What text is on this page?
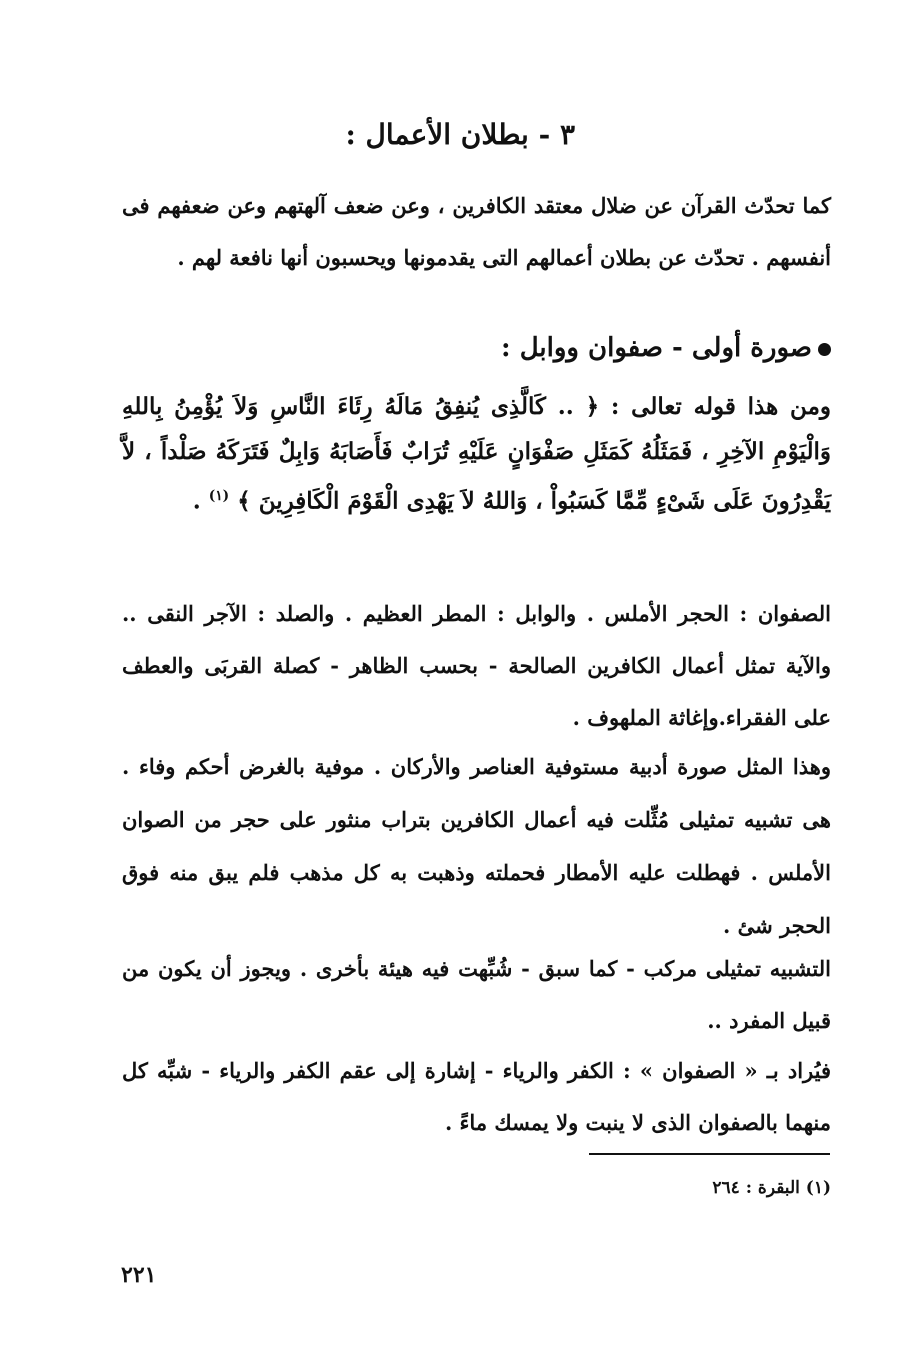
٣ - بطلان الأعمال :
كما تحدّث القرآن عن ضلال معتقد الكافرين ، وعن ضعف آلهتهم وعن ضعفهم فى أنفسهم . تحدّث عن بطلان أعمالهم التى يقدمونها ويحسبون أنها نافعة لهم .
صورة أولى - صفوان ووابل :
ومن هذا قوله تعالى : ﴿ .. كَالَّذِى يُنفِقُ مَالَهُ رِئَاءَ النَّاسِ وَلاَ يُؤْمِنُ بِاللهِ وَالْيَوْمِ الآخِرِ ، فَمَثَلُهُ كَمَثَلِ صَفْوَانٍ عَلَيْهِ تُرَابٌ فَأَصَابَهُ وَابِلٌ فَتَرَكَهُ صَلْداً ، لاَّ يَقْدِرُونَ عَلَى شَىْءٍ مِّمَّا كَسَبُواْ ، وَاللهُ لاَ يَهْدِى الْقَوْمَ الْكَافِرِينَ ﴾ $^{(١)}$ .
الصفوان : الحجر الأملس . والوابل : المطر العظيم . والصلد : الآجر النقى .. والآية تمثل أعمال الكافرين الصالحة - بحسب الظاهر - كصلة القربَى والعطف على الفقراء.وإغاثة الملهوف .
وهذا المثل صورة أدبية مستوفية العناصر والأركان . موفية بالغرض أحكم وفاء . هى تشبيه تمثيلى مُثِّلت فيه أعمال الكافرين بتراب منثور على حجر من الصوان الأملس . فهطلت عليه الأمطار فحملته وذهبت به كل مذهب فلم يبق منه فوق الحجر شئ .
التشبيه تمثيلى مركب - كما سبق - شُبِّهت فيه هيئة بأخرى . ويجوز أن يكون من قبيل المفرد ..
فيُراد بـ « الصفوان » : الكفر والرياء - إشارة إلى عقم الكفر والرياء - شبِّه كل منهما بالصفوان الذى لا ينبت ولا يمسك ماءً .
(١) البقرة : ٢٦٤
٢٢١
